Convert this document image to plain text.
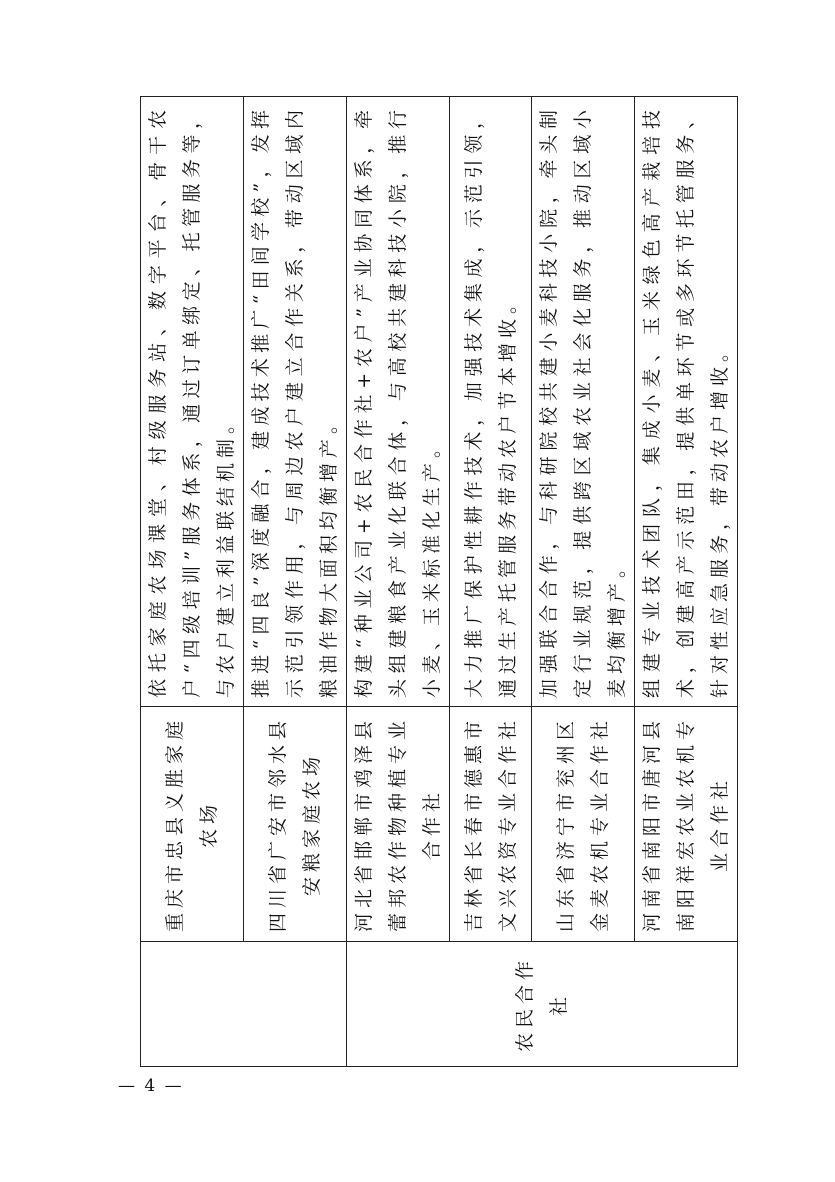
	重庆市忠县义胜家庭农场	依托家庭农场课堂、村级服务站、数字平台、骨干农户“四级培训”服务体系，通过订单绑定、托管服务等，与农户建立利益联结机制。
	四川省广安市邻水县安粮家庭农场	推进“四良”深度融合，建成技术推广“田间学校”，发挥示范引领作用，与周边农户建立合作关系，带动区域内粮油作物大面积均衡增产。
农民合作社	河北省邯郸市鸡泽县蕾邦农作物种植专业合作社	构建“种业公司+农民合作社+农户”产业协同体系，牵头组建粮食产业化联合体，与高校共建科技小院，推行小麦、玉米标准化生产。
	吉林省长春市德惠市文兴农资专业合作社	大力推广保护性耕作技术，加强技术集成，示范引领，通过生产托管服务带动农户节本增收。
	山东省济宁市兖州区金麦农机专业合作社	加强联合合作，与科研院校共建小麦科技小院，牵头制定行业规范，提供跨区域农业社会化服务，推动区域小麦均衡增产。
	河南省南阳市唐河县南阳祥宏农业农机专业合作社	组建专业技术团队，集成小麦、玉米绿色高产栽培技术，创建高产示范田，提供单环节或多环节托管服务、针对性应急服务，带动农户增收。
— 4 —
